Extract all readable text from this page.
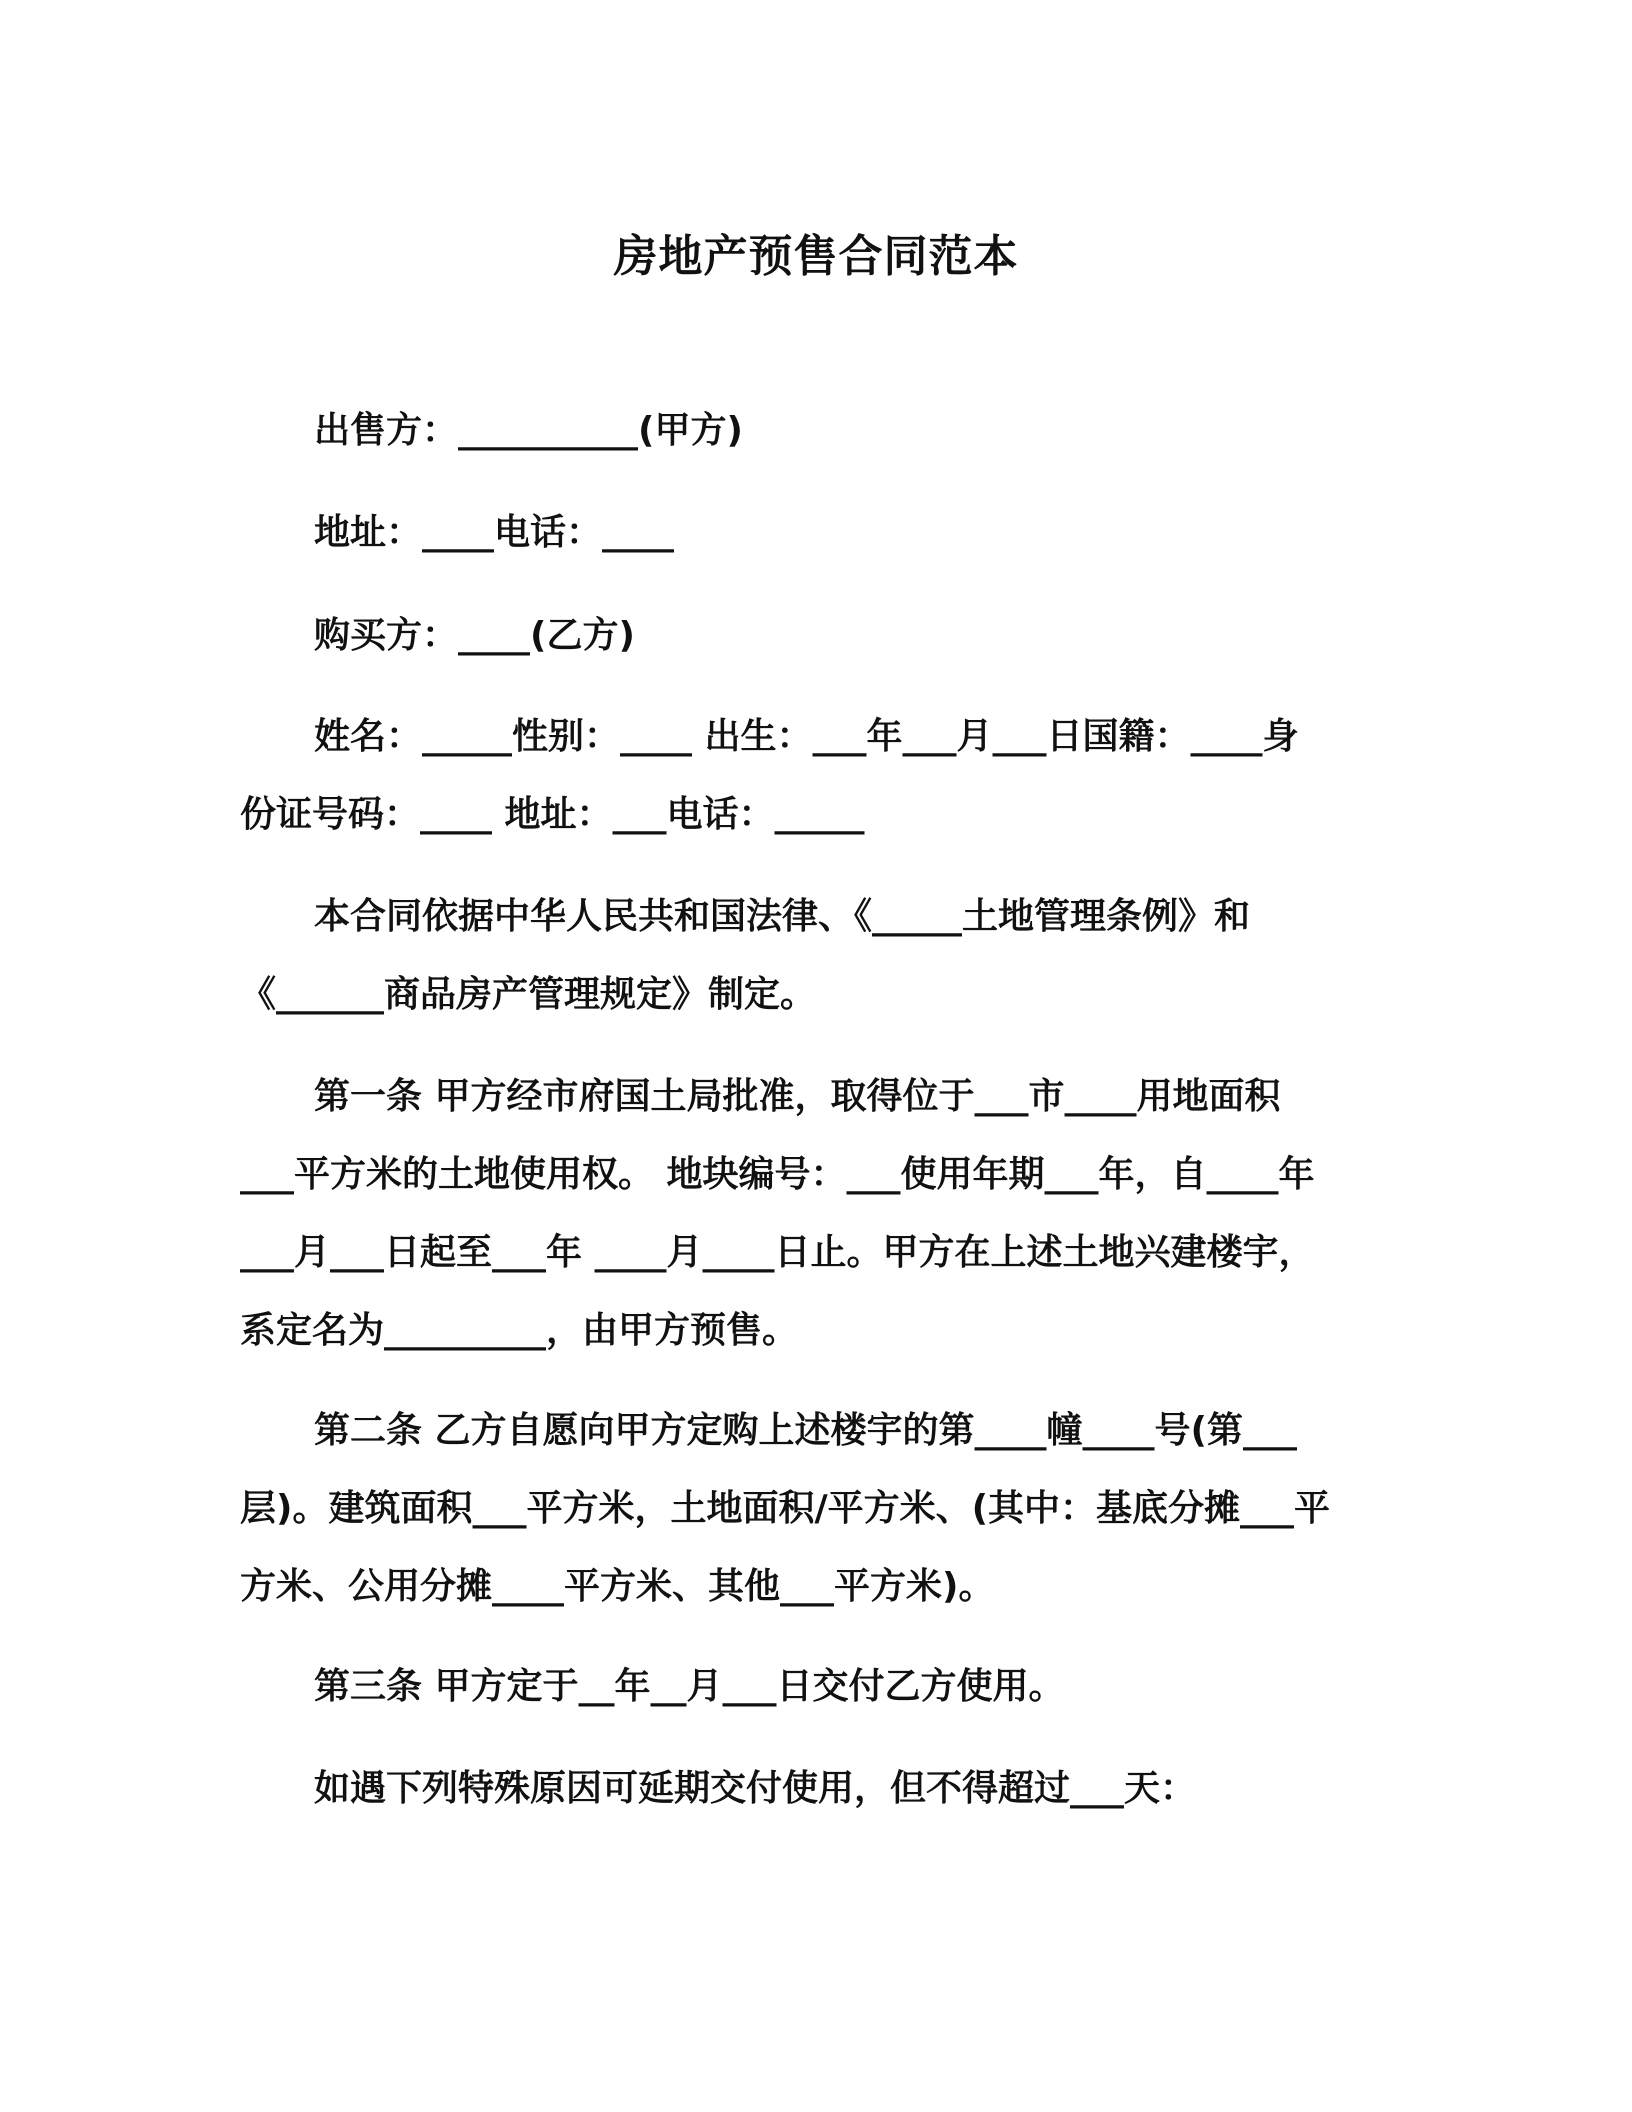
房地产预售合同范本

出售方：__________(甲方)

地址：____电话：____

购买方：____(乙方)

姓名：_____性别：____ 出生：___年___月___日国籍：____身
份证号码：____ 地址：___电话：_____

本合同依据中华人民共和国法律、《_____土地管理条例》和
《______商品房产管理规定》制定。

第一条 甲方经市府国土局批准，取得位于___市____用地面积
___平方米的土地使用权。 地块编号：___使用年期___年，自____年
___月___日起至___年 ____月____日止。甲方在上述土地兴建楼宇，
系定名为_________，由甲方预售。

第二条 乙方自愿向甲方定购上述楼宇的第____幢____号(第___
层)。建筑面积___平方米，土地面积/平方米、(其中：基底分摊___平
方米、公用分摊____平方米、其他___平方米)。

第三条 甲方定于__年__月___日交付乙方使用。

如遇下列特殊原因可延期交付使用，但不得超过___天：
